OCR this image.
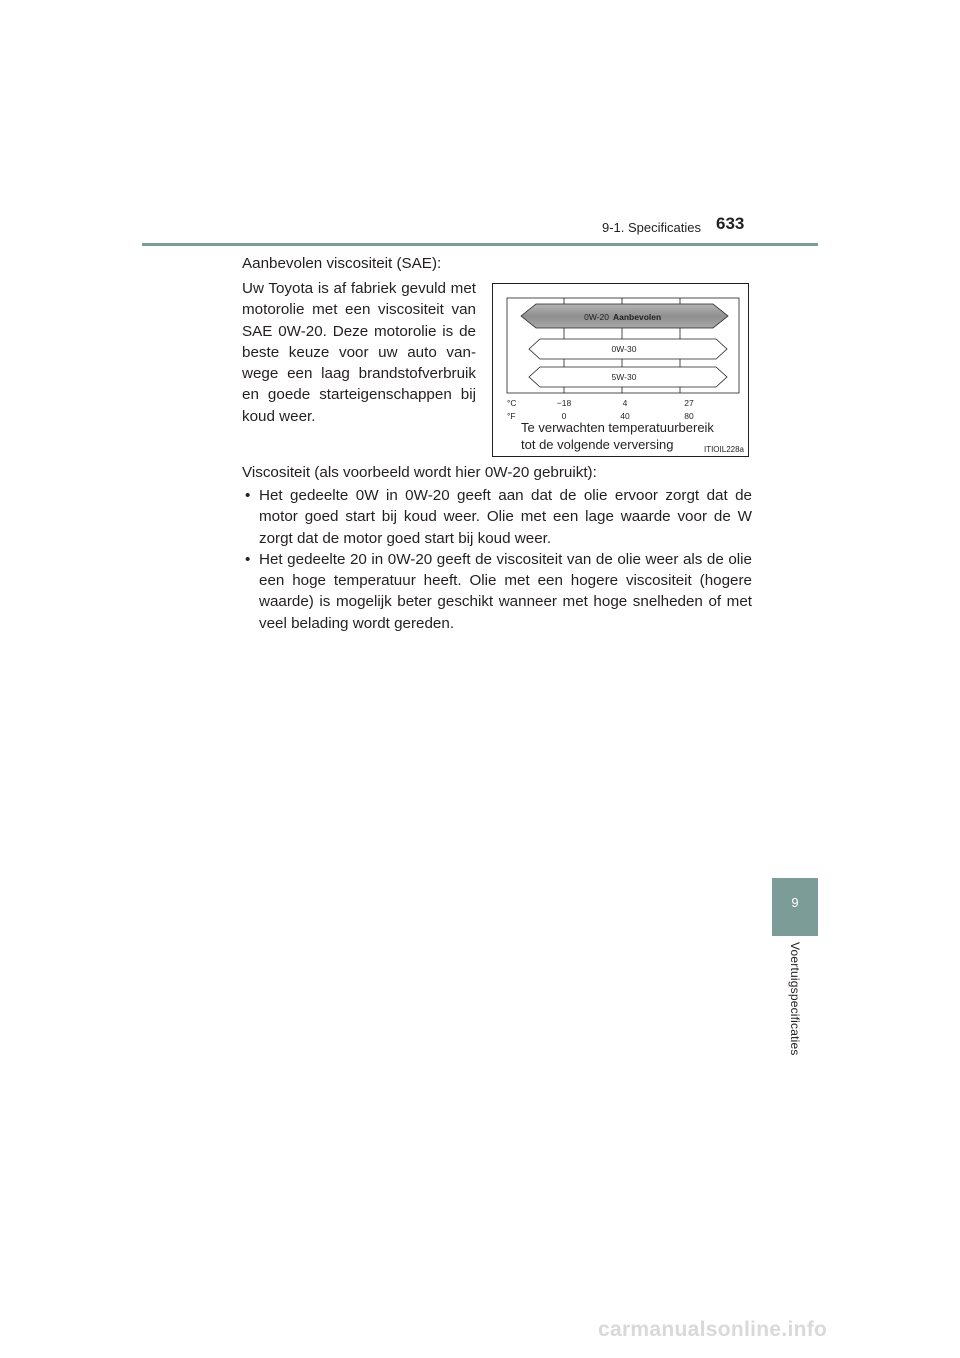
9-1. Specificaties 633
Aanbevolen viscositeit (SAE):
Uw Toyota is af fabriek gevuld met motorolie met een viscositeit van SAE 0W-20. Deze motorolie is de beste keuze voor uw auto vanwege een laag brandstofverbruik en goede starteigenschappen bij koud weer.
0W-20 Aanbevolen
0W-30
5W-30
°C	−18	4	27
°F	0	40	80
Te verwachten temperatuurbereik
tot de volgende verversing	ITIOIL228a
Viscositeit (als voorbeeld wordt hier 0W-20 gebruikt):
• Het gedeelte 0W in 0W-20 geeft aan dat de olie ervoor zorgt dat de motor goed start bij koud weer. Olie met een lage waarde voor de W zorgt dat de motor goed start bij koud weer.
• Het gedeelte 20 in 0W-20 geeft de viscositeit van de olie weer als de olie een hoge temperatuur heeft. Olie met een hogere viscositeit (hogere waarde) is mogelijk beter geschikt wanneer met hoge snelheden of met veel belading wordt gereden.
9
Voertuigspecificaties
carmanualsonline.info
